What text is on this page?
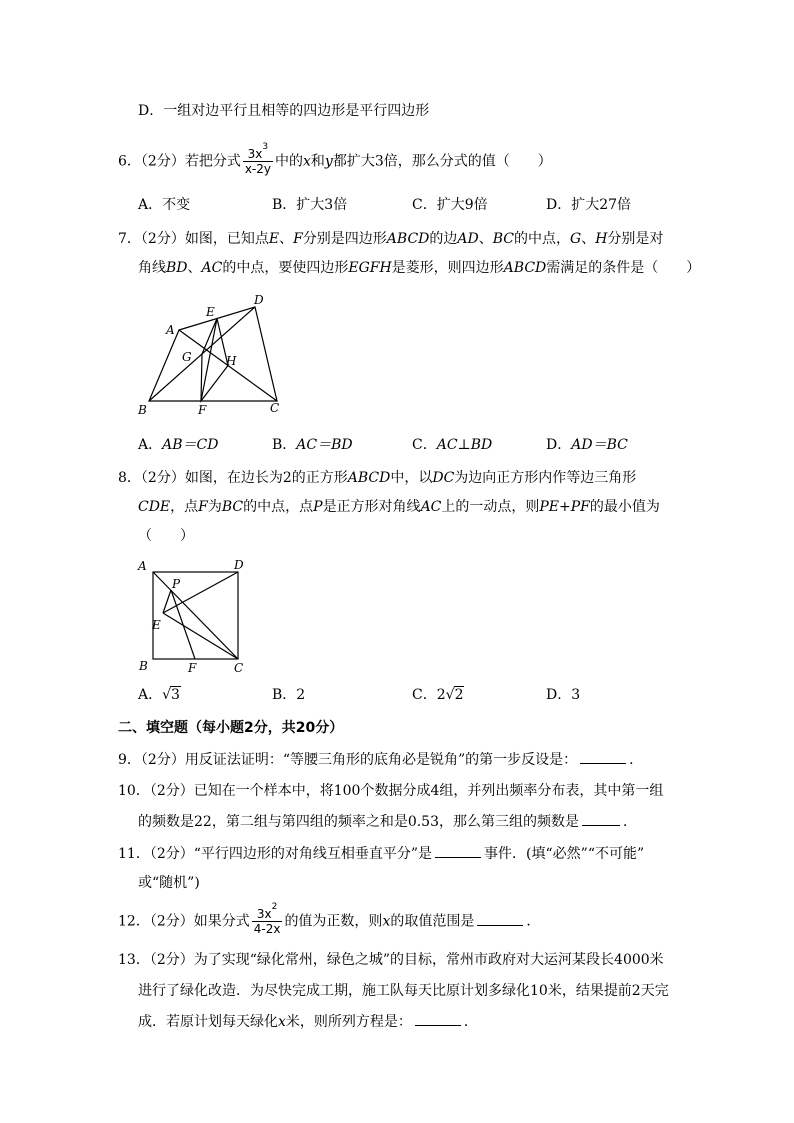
D．一组对边平行且相等的四边形是平行四边形
6．（2分）若把分式 $\frac{3x^3}{x-2y}$ 中的x和y都扩大3倍，那么分式的值（　　）
A．不变	B．扩大3倍	C．扩大9倍	D．扩大27倍
7．（2分）如图，已知点E、F分别是四边形ABCD的边AD、BC的中点，G、H分别是对
角线BD、AC的中点，要使四边形EGFH是菱形，则四边形ABCD需满足的条件是（　　）
A
D
E
G	H
B	F	C
A．AB＝CD	B．AC＝BD	C．AC⊥BD	D．AD＝BC
8．（2分）如图，在边长为2的正方形ABCD中，以DC为边向正方形内作等边三角形
CDE，点F为BC的中点，点P是正方形对角线AC上的一动点，则PE+PF的最小值为
（　　）
A	D
P
E
B	F	C
A．√3	B．2	C．2√2	D．3
二、填空题（每小题2分，共20分）
9．（2分）用反证法证明：“等腰三角形的底角必是锐角”的第一步反设是：	．
10．（2分）已知在一个样本中，将100个数据分成4组，并列出频率分布表，其中第一组
的频数是22，第二组与第四组的频率之和是0.53，那么第三组的频数是	．
11．（2分）“平行四边形的对角线互相垂直平分”是	事件．(填“必然”“不可能”
或“随机”)
12．（2分）如果分式 $\frac{3x^2}{4-2x}$ 的值为正数，则x的取值范围是	．
13．（2分）为了实现“绿化常州，绿色之城”的目标，常州市政府对大运河某段长4000米
进行了绿化改造．为尽快完成工期，施工队每天比原计划多绿化10米，结果提前2天完
成．若原计划每天绿化x米，则所列方程是：	．
